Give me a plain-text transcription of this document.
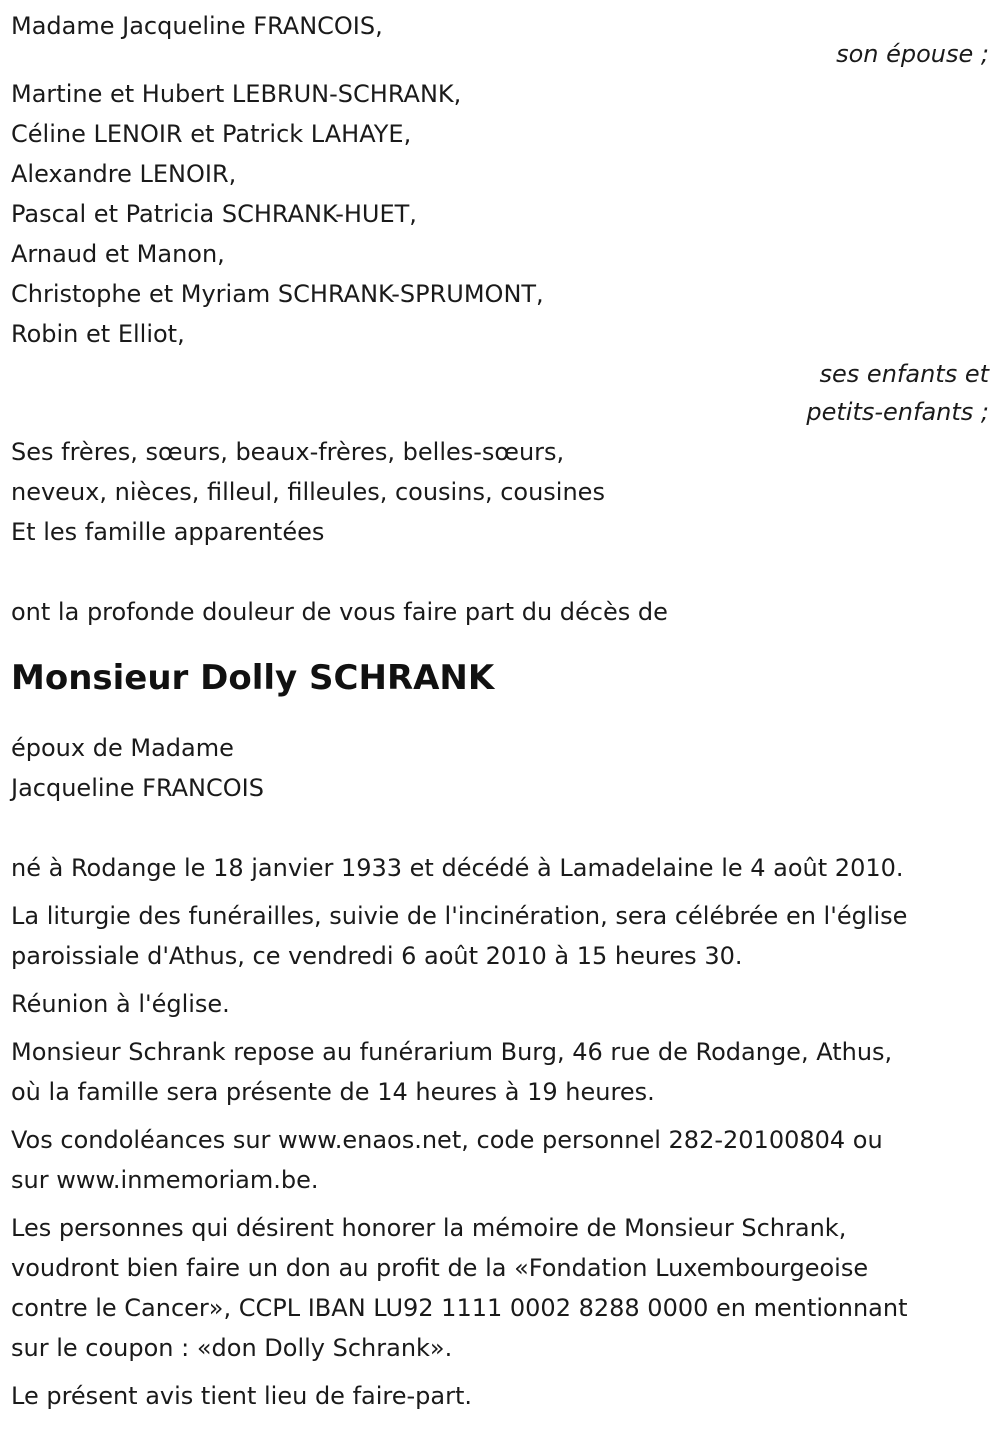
Madame Jacqueline FRANCOIS,
son épouse ;
Martine et Hubert LEBRUN-SCHRANK,
Céline LENOIR et Patrick LAHAYE,
Alexandre LENOIR,
Pascal et Patricia SCHRANK-HUET,
Arnaud et Manon,
Christophe et Myriam SCHRANK-SPRUMONT,
Robin et Elliot,
ses enfants et
petits-enfants ;
Ses frères, sœurs, beaux-frères, belles-sœurs,
neveux, nièces, filleul, filleules, cousins, cousines
Et les famille apparentées
ont la profonde douleur de vous faire part du décès de
Monsieur Dolly SCHRANK
époux de Madame
Jacqueline FRANCOIS
né à Rodange le 18 janvier 1933 et décédé à Lamadelaine le 4 août 2010.
La liturgie des funérailles, suivie de l'incinération, sera célébrée en l'église
paroissiale d'Athus, ce vendredi 6 août 2010 à 15 heures 30.
Réunion à l'église.
Monsieur Schrank repose au funérarium Burg, 46 rue de Rodange, Athus,
où la famille sera présente de 14 heures à 19 heures.
Vos condoléances sur www.enaos.net, code personnel 282-20100804 ou
sur www.inmemoriam.be.
Les personnes qui désirent honorer la mémoire de Monsieur Schrank,
voudront bien faire un don au profit de la «Fondation Luxembourgeoise
contre le Cancer», CCPL IBAN LU92 1111 0002 8288 0000 en mentionnant
sur le coupon : «don Dolly Schrank».
Le présent avis tient lieu de faire-part.
